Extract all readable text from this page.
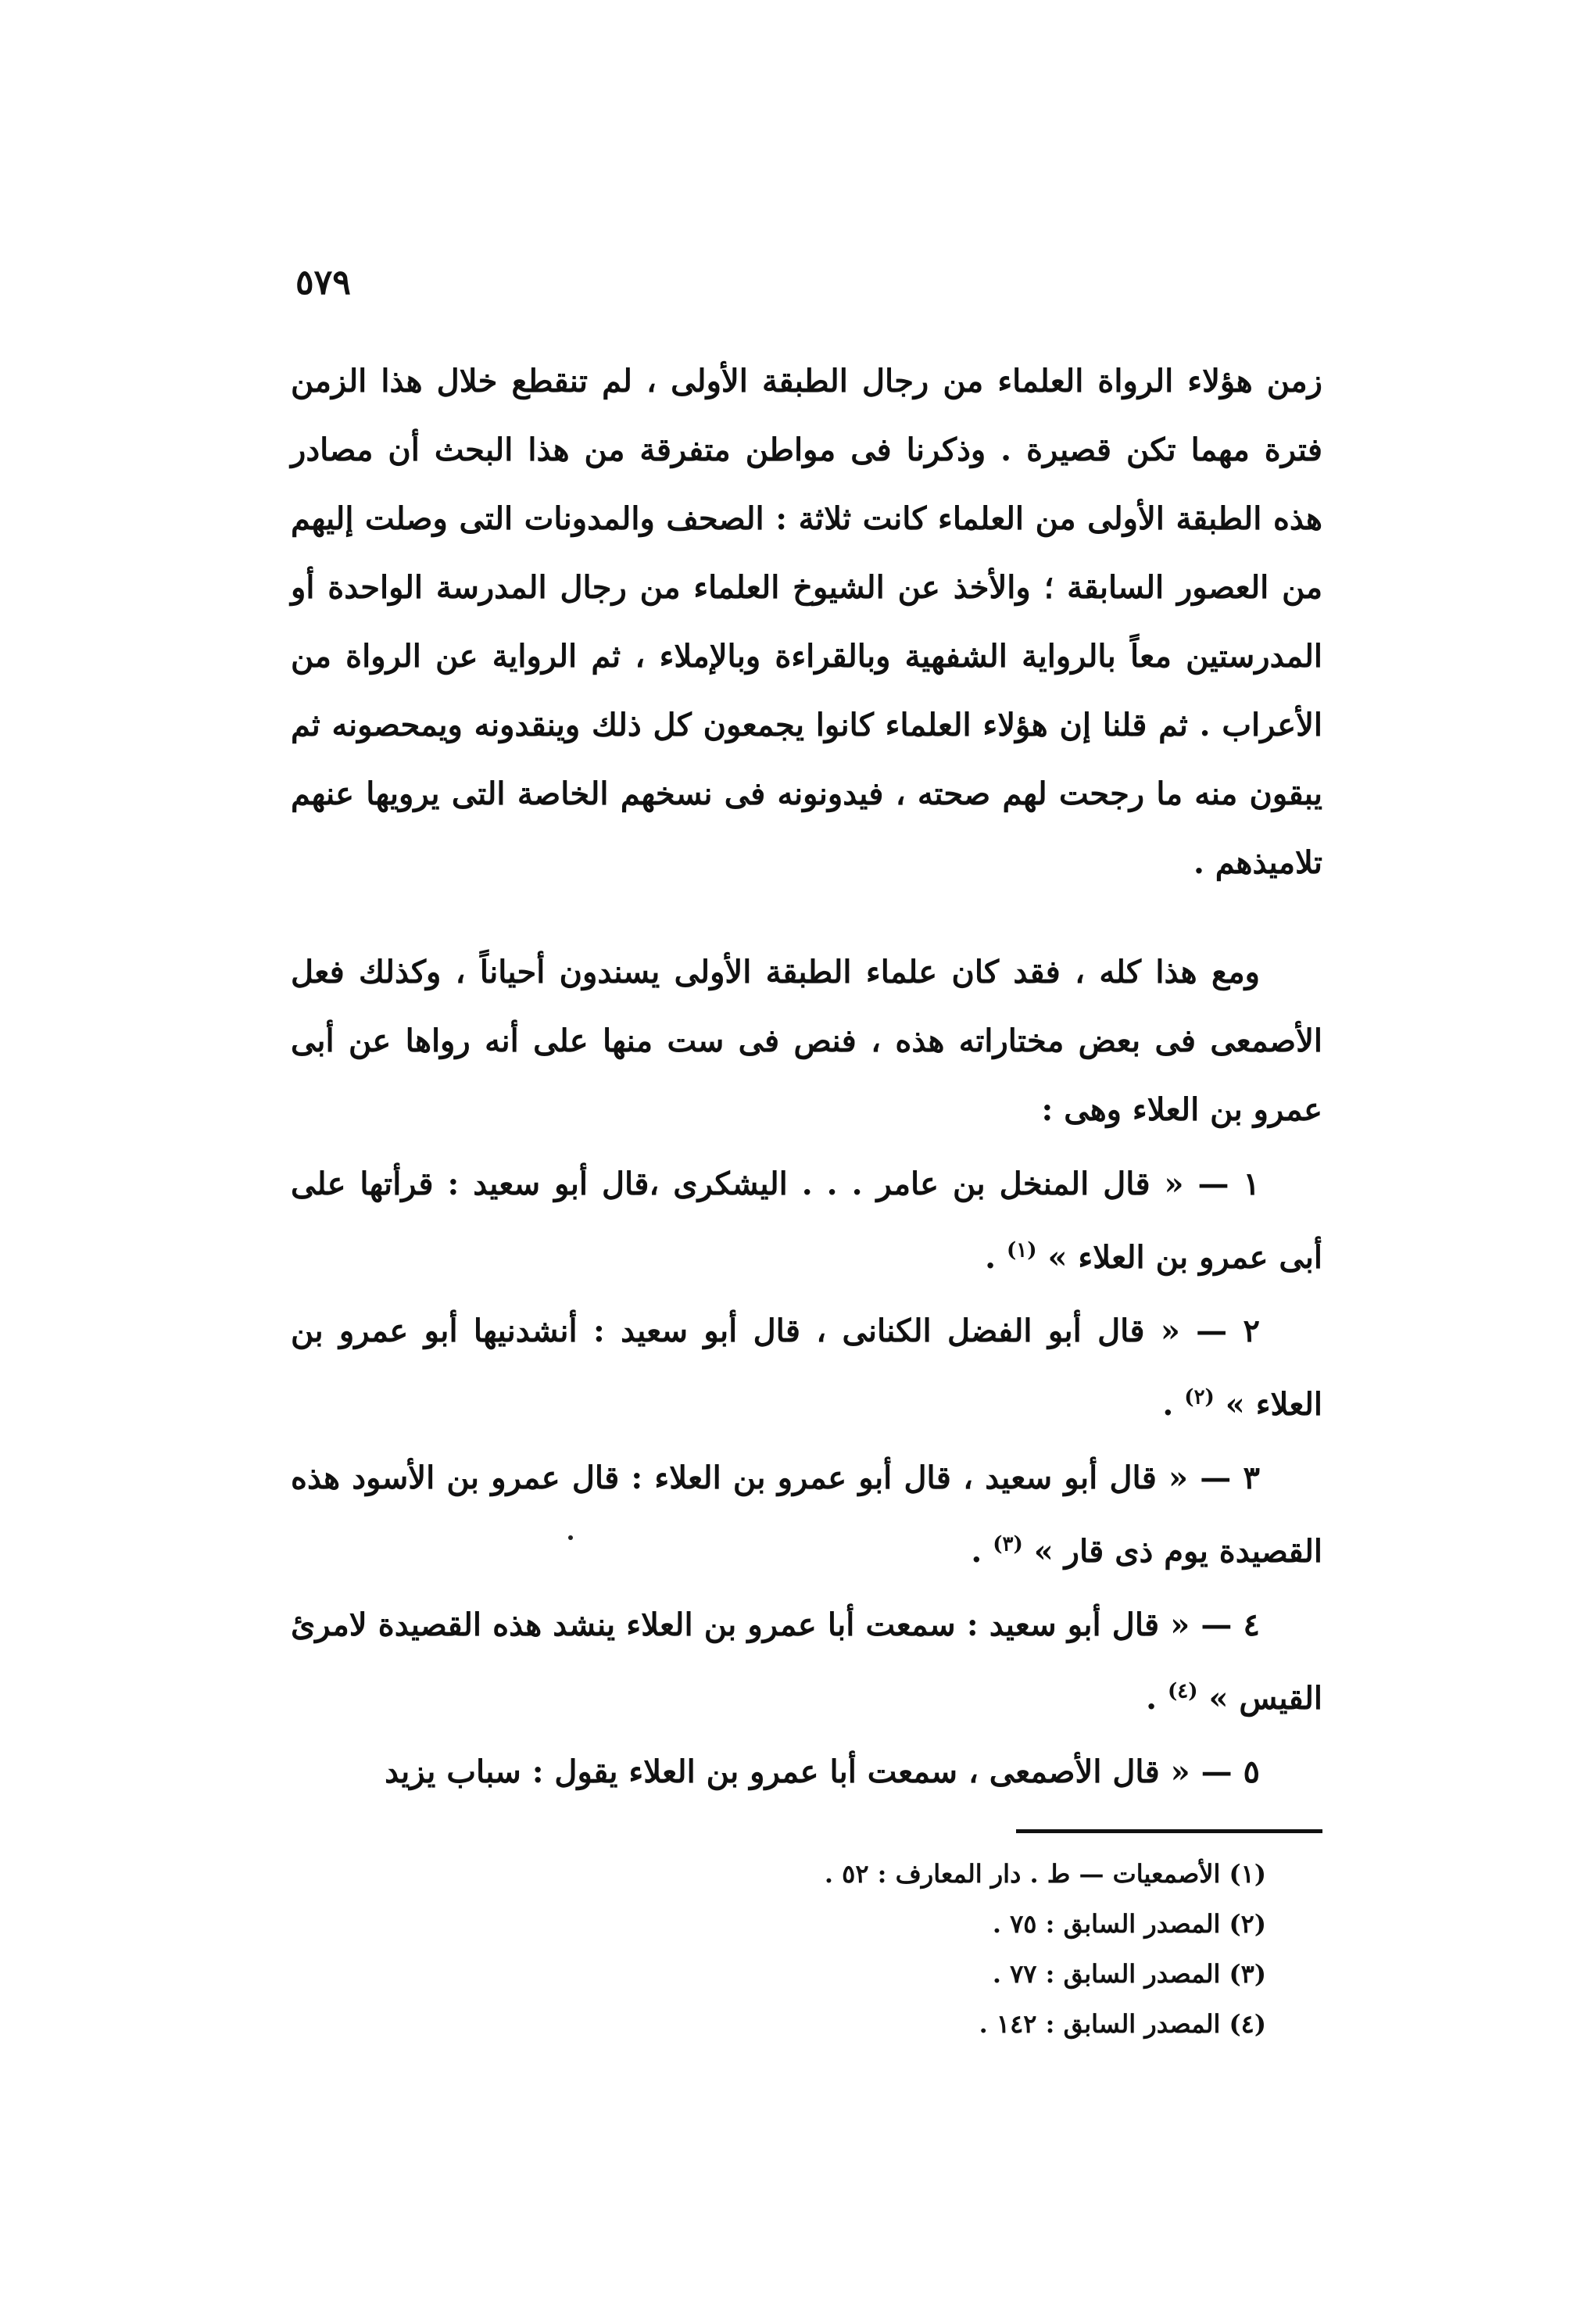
٥٧٩

زمن هؤلاء الرواة العلماء من رجال الطبقة الأولى ، لم تنقطع خلال هذا الزمن فترة مهما تكن قصيرة . وذكرنا فى مواطن متفرقة من هذا البحث أن مصادر هذه الطبقة الأولى من العلماء كانت ثلاثة : الصحف والمدونات التى وصلت إليهم من العصور السابقة ؛ والأخذ عن الشيوخ العلماء من رجال المدرسة الواحدة أو المدرستين معاً بالرواية الشفهية وبالقراءة وبالإملاء ، ثم الرواية عن الرواة من الأعراب . ثم قلنا إن هؤلاء العلماء كانوا يجمعون كل ذلك وينقدونه ويمحصونه ثم يبقون منه ما رجحت لهم صحته ، فيدونونه فى نسخهم الخاصة التى يرويها عنهم تلاميذهم .

ومع هذا كله ، فقد كان علماء الطبقة الأولى يسندون أحياناً ، وكذلك فعل الأصمعى فى بعض مختاراته هذه ، فنص فى ست منها على أنه رواها عن أبى عمرو بن العلاء وهى :

١ — « قال المنخل بن عامر . . . اليشكرى ،قال أبو سعيد : قرأتها على أبى عمرو بن العلاء » $^{(١)}$ .

٢ — « قال أبو الفضل الكنانى ، قال أبو سعيد : أنشدنيها أبو عمرو بن العلاء » $^{(٢)}$ .

٣ — « قال أبو سعيد ، قال أبو عمرو بن العلاء : قال عمرو بن الأسود هذه القصيدة يوم ذى قار » $^{(٣)}$ .

٤ — « قال أبو سعيد : سمعت أبا عمرو بن العلاء ينشد هذه القصيدة لامرئ القيس » $^{(٤)}$ .

٥ — « قال الأصمعى ، سمعت أبا عمرو بن العلاء يقول : سباب يزيد

(١) الأصمعيات — ط . دار المعارف : ٥٢ .

(٢) المصدر السابق : ٧٥ .

(٣) المصدر السابق : ٧٧ .

(٤) المصدر السابق : ١٤٢ .
